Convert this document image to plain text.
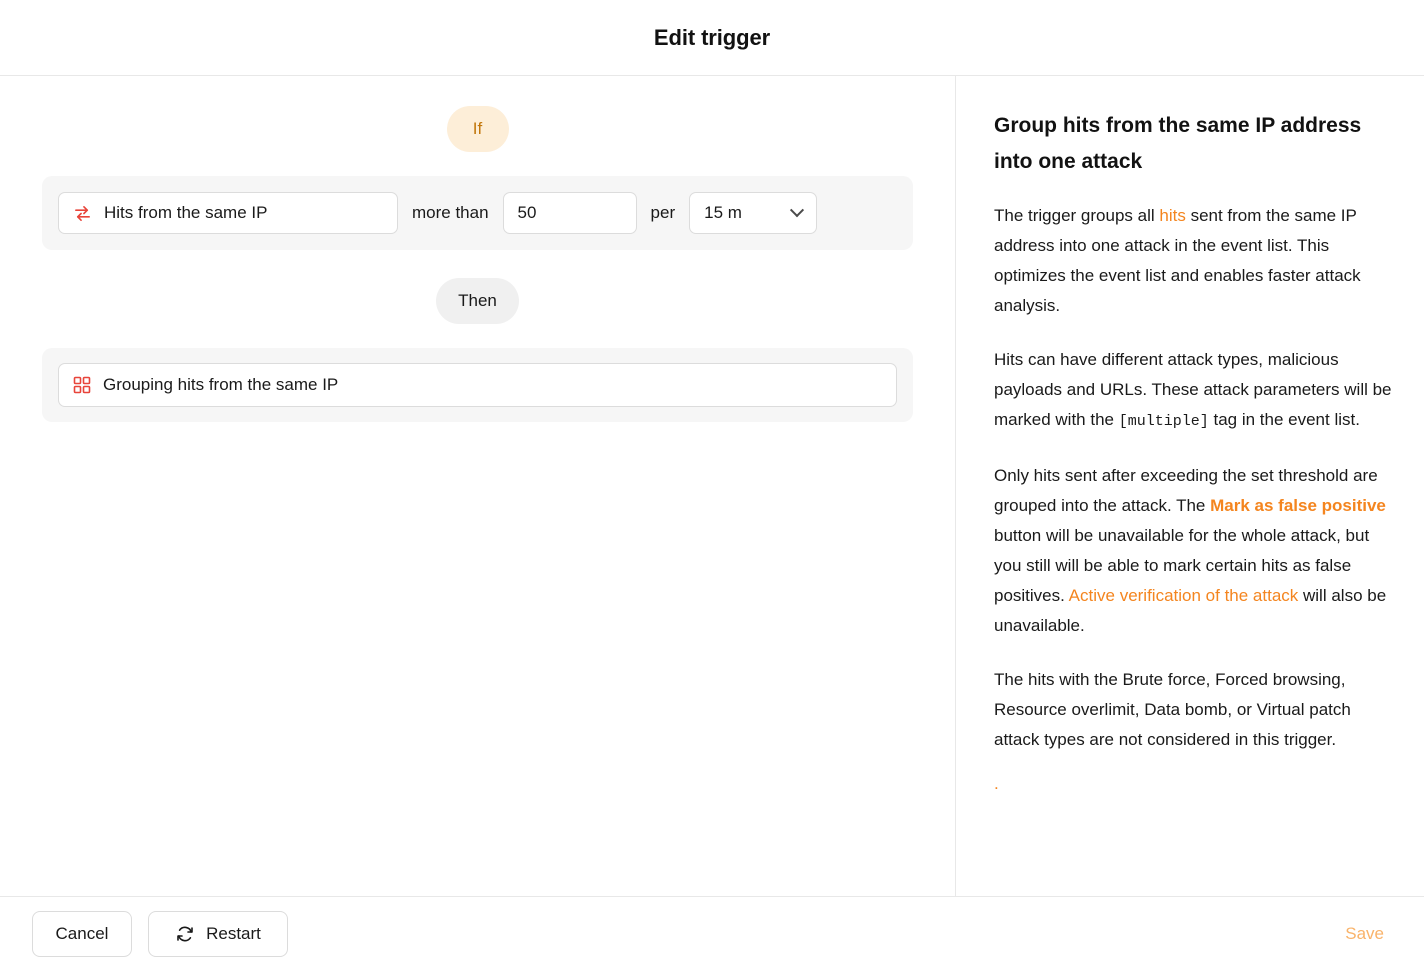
Edit trigger
If
Hits from the same IP	more than
50	per 15 m
Then
Grouping hits from the same IP
Group hits from the same IP address into one attack

The trigger groups all hits sent from the same IP address into one attack in the event list. This optimizes the event list and enables faster attack analysis.

Hits can have different attack types, malicious payloads and URLs. These attack parameters will be marked with the [multiple] tag in the event list.

Only hits sent after exceeding the set threshold are grouped into the attack. The Mark as false positive button will be unavailable for the whole attack, but you still will be able to mark certain hits as false positives. Active verification of the attack will also be unavailable.

The hits with the Brute force, Forced browsing, Resource overlimit, Data bomb, or Virtual patch attack types are not considered in this trigger.

.
Cancel	Restart	Save
